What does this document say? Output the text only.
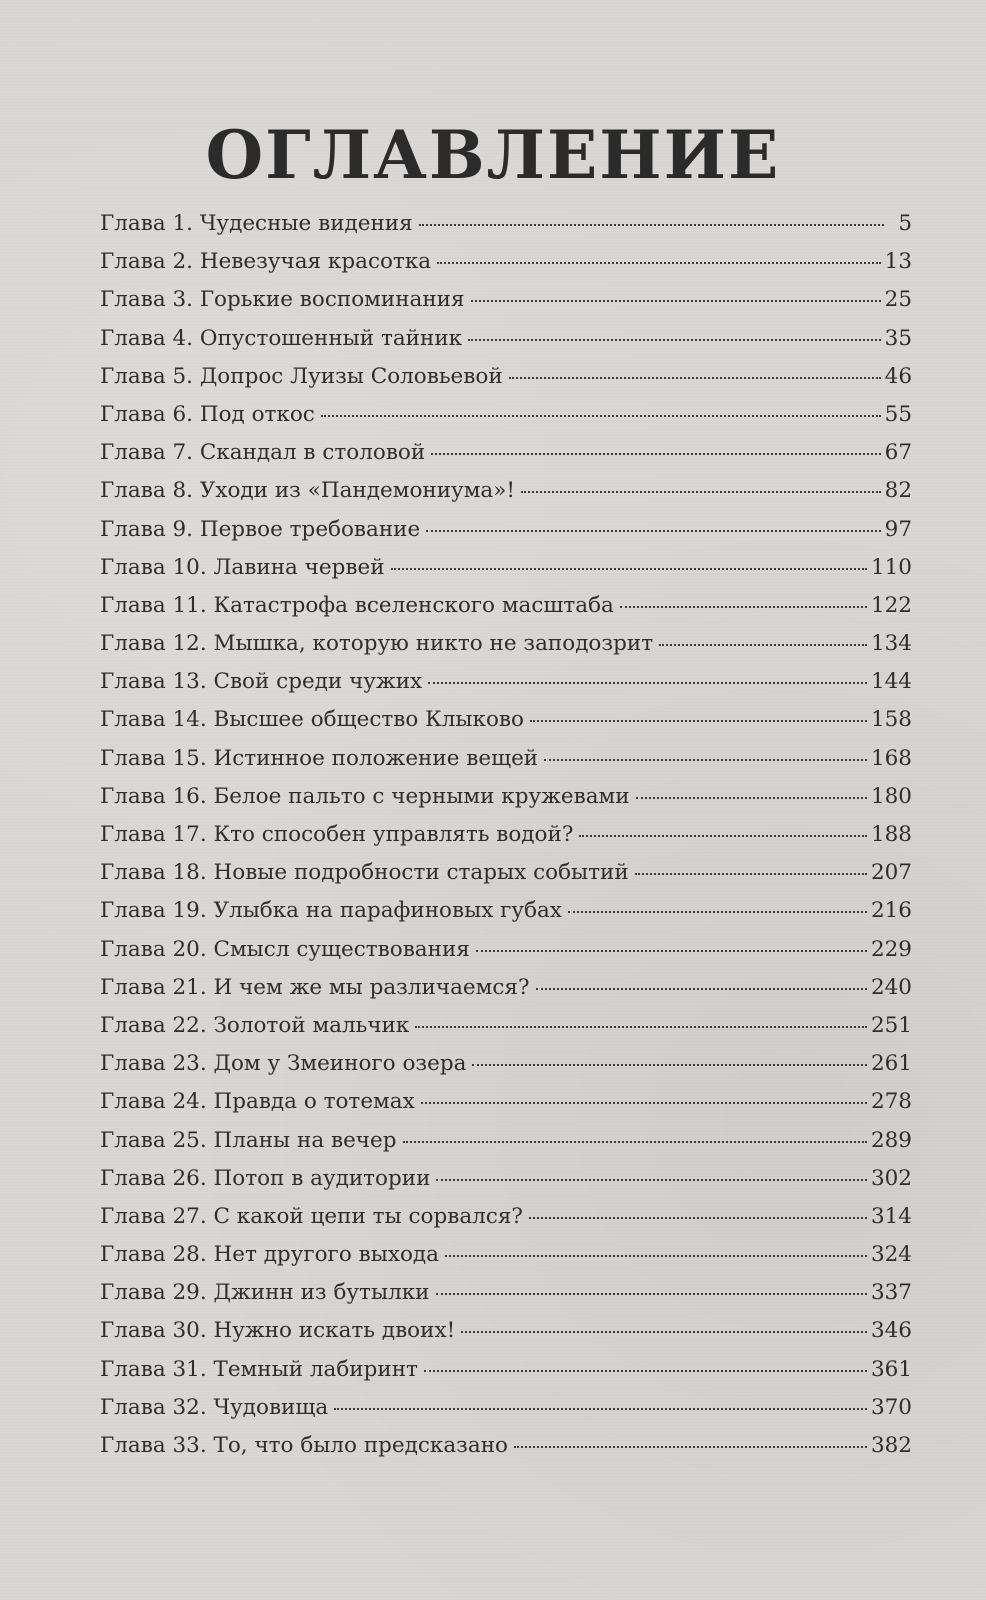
ОГЛАВЛЕНИЕ
Глава 1. Чудесные видения	5
Глава 2. Невезучая красотка	13
Глава 3. Горькие воспоминания	25
Глава 4. Опустошенный тайник	35
Глава 5. Допрос Луизы Соловьевой	46
Глава 6. Под откос	55
Глава 7. Скандал в столовой	67
Глава 8. Уходи из «Пандемониума»!	82
Глава 9. Первое требование	97
Глава 10. Лавина червей	110
Глава 11. Катастрофа вселенского масштаба	122
Глава 12. Мышка, которую никто не заподозрит	134
Глава 13. Свой среди чужих	144
Глава 14. Высшее общество Клыково	158
Глава 15. Истинное положение вещей	168
Глава 16. Белое пальто с черными кружевами	180
Глава 17. Кто способен управлять водой?	188
Глава 18. Новые подробности старых событий	207
Глава 19. Улыбка на парафиновых губах	216
Глава 20. Смысл существования	229
Глава 21. И чем же мы различаемся?	240
Глава 22. Золотой мальчик	251
Глава 23. Дом у Змеиного озера	261
Глава 24. Правда о тотемах	278
Глава 25. Планы на вечер	289
Глава 26. Потоп в аудитории	302
Глава 27. С какой цепи ты сорвался?	314
Глава 28. Нет другого выхода	324
Глава 29. Джинн из бутылки	337
Глава 30. Нужно искать двоих!	346
Глава 31. Темный лабиринт	361
Глава 32. Чудовища	370
Глава 33. То, что было предсказано	382
